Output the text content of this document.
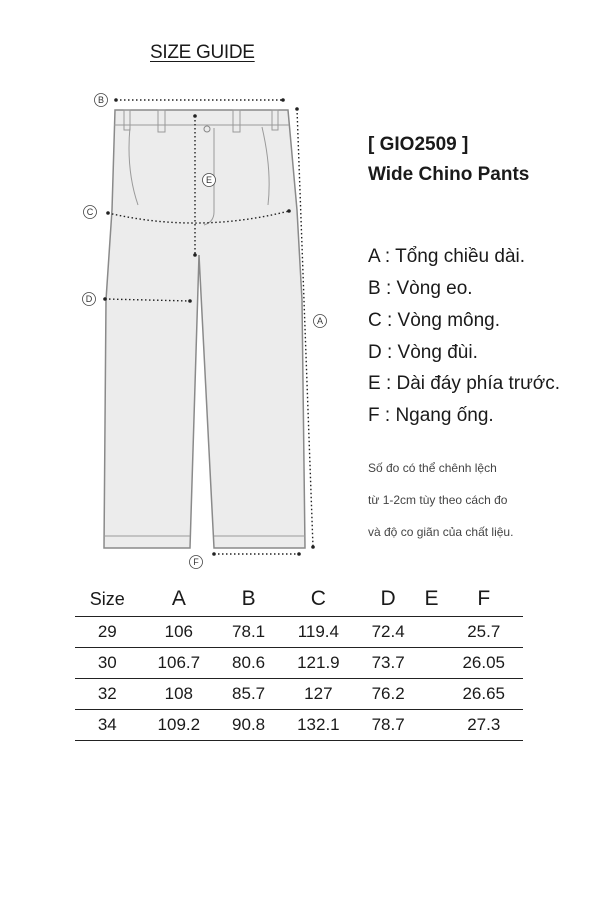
SIZE GUIDE
B
E
C
D
A
F
[ GIO2509 ]
Wide Chino Pants
A : Tổng chiều dài.
B : Vòng eo.
C : Vòng mông.
D : Vòng đùi.
E : Dài đáy phía trước.
F : Ngang ống.
Số đo có thể chênh lệch
từ 1-2cm tùy theo cách đo
và độ co giãn của chất liệu.
Size	A	B	C	D	E	F
29	106	78.1	119.4	72.4		25.7
30	106.7	80.6	121.9	73.7		26.05
32	108	85.7	127	76.2		26.65
34	109.2	90.8	132.1	78.7		27.3
